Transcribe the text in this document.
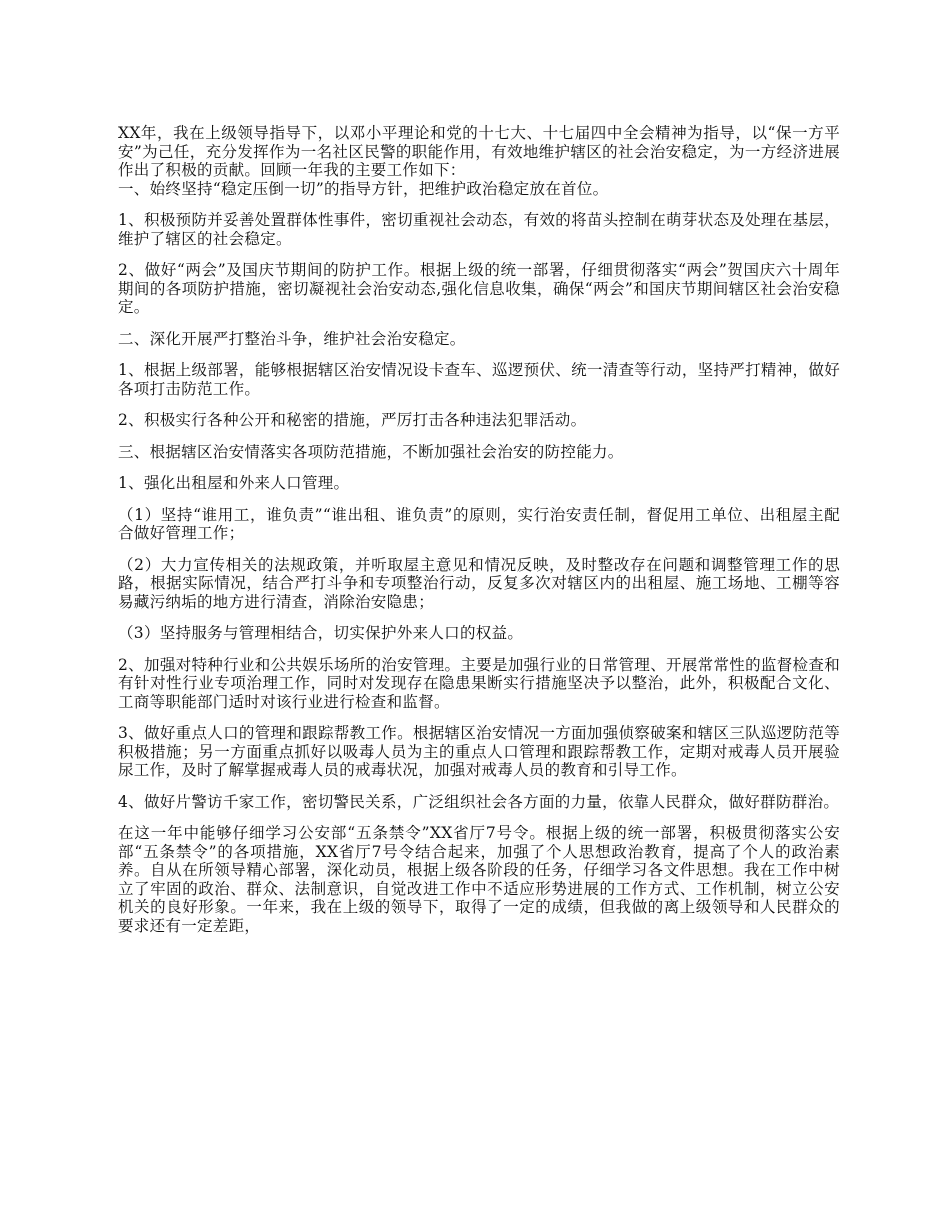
XX年，我在上级领导指导下，以邓小平理论和党的十七大、十七届四中全会精神为指导，以“保一方平安”为己任，充分发挥作为一名社区民警的职能作用，有效地维护辖区的社会治安稳定，为一方经济进展作出了积极的贡献。回顾一年我的主要工作如下：

一、始终坚持“稳定压倒一切”的指导方针，把维护政治稳定放在首位。

1、积极预防并妥善处置群体性事件，密切重视社会动态，有效的将苗头控制在萌芽状态及处理在基层，维护了辖区的社会稳定。

2、做好“两会”及国庆节期间的防护工作。根据上级的统一部署，仔细贯彻落实“两会”贺国庆六十周年期间的各项防护措施，密切凝视社会治安动态,强化信息收集，确保“两会”和国庆节期间辖区社会治安稳定。

二、深化开展严打整治斗争，维护社会治安稳定。

1、根据上级部署，能够根据辖区治安情况设卡查车、巡逻预伏、统一清查等行动，坚持严打精神，做好各项打击防范工作。

2、积极实行各种公开和秘密的措施，严厉打击各种违法犯罪活动。

三、根据辖区治安情落实各项防范措施，不断加强社会治安的防控能力。

1、强化出租屋和外来人口管理。

（1）坚持“谁用工，谁负责”“谁出租、谁负责”的原则，实行治安责任制，督促用工单位、出租屋主配合做好管理工作；

（2）大力宣传相关的法规政策，并听取屋主意见和情况反映，及时整改存在问题和调整管理工作的思路，根据实际情况，结合严打斗争和专项整治行动，反复多次对辖区内的出租屋、施工场地、工棚等容易藏污纳垢的地方进行清查，消除治安隐患；

（3）坚持服务与管理相结合，切实保护外来人口的权益。

2、加强对特种行业和公共娱乐场所的治安管理。主要是加强行业的日常管理、开展常常性的监督检查和有针对性行业专项治理工作，同时对发现存在隐患果断实行措施坚决予以整治，此外，积极配合文化、工商等职能部门适时对该行业进行检查和监督。

3、做好重点人口的管理和跟踪帮教工作。根据辖区治安情况一方面加强侦察破案和辖区三队巡逻防范等积极措施；另一方面重点抓好以吸毒人员为主的重点人口管理和跟踪帮教工作，定期对戒毒人员开展验尿工作，及时了解掌握戒毒人员的戒毒状况，加强对戒毒人员的教育和引导工作。

4、做好片警访千家工作，密切警民关系，广泛组织社会各方面的力量，依靠人民群众，做好群防群治。

在这一年中能够仔细学习公安部“五条禁令”XX省厅7号令。根据上级的统一部署，积极贯彻落实公安部“五条禁令”的各项措施，XX省厅7号令结合起来，加强了个人思想政治教育，提高了个人的政治素养。自从在所领导精心部署，深化动员，根据上级各阶段的任务，仔细学习各文件思想。我在工作中树立了牢固的政治、群众、法制意识，自觉改进工作中不适应形势进展的工作方式、工作机制，树立公安机关的良好形象。一年来，我在上级的领导下，取得了一定的成绩，但我做的离上级领导和人民群众的要求还有一定差距，
